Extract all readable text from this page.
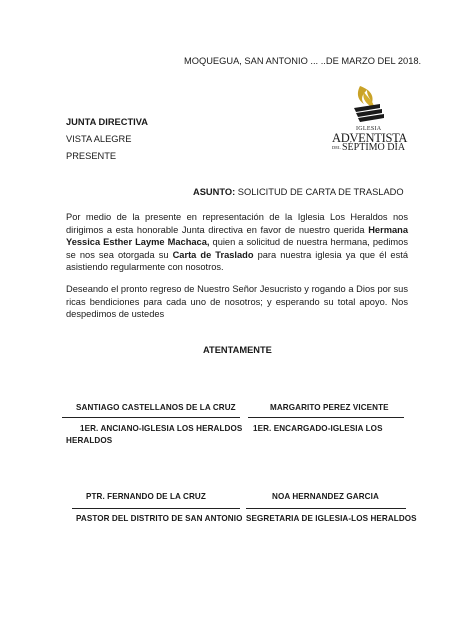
MOQUEGUA, SAN ANTONIO ... ..DE MARZO DEL 2018.
JUNTA DIRECTIVA
VISTA ALEGRE
PRESENTE
IGLESIA
ADVENTISTA
DEL SÉPTIMO DÍA
ASUNTO: SOLICITUD DE CARTA DE TRASLADO
Por medio de la presente en representación de la Iglesia Los Heraldos nos dirigimos a esta honorable Junta directiva en favor de nuestro querida Hermana Yessica Esther Layme Machaca, quien a solicitud de nuestra hermana, pedimos se nos sea otorgada su Carta de Traslado para nuestra iglesia ya que él está asistiendo regularmente con nosotros.
Deseando el pronto regreso de Nuestro Señor Jesucristo y rogando a Dios por sus ricas bendiciones para cada uno de nosotros; y esperando su total apoyo. Nos despedimos de ustedes
ATENTAMENTE
SANTIAGO CASTELLANOS DE LA CRUZ
1ER. ANCIANO-IGLESIA LOS HERALDOS
HERALDOS
MARGARITO PEREZ VICENTE
1ER. ENCARGADO-IGLESIA LOS
PTR. FERNANDO DE LA CRUZ
PASTOR DEL DISTRITO DE SAN ANTONIO
NOA HERNANDEZ GARCIA
SEGRETARIA DE IGLESIA-LOS HERALDOS
